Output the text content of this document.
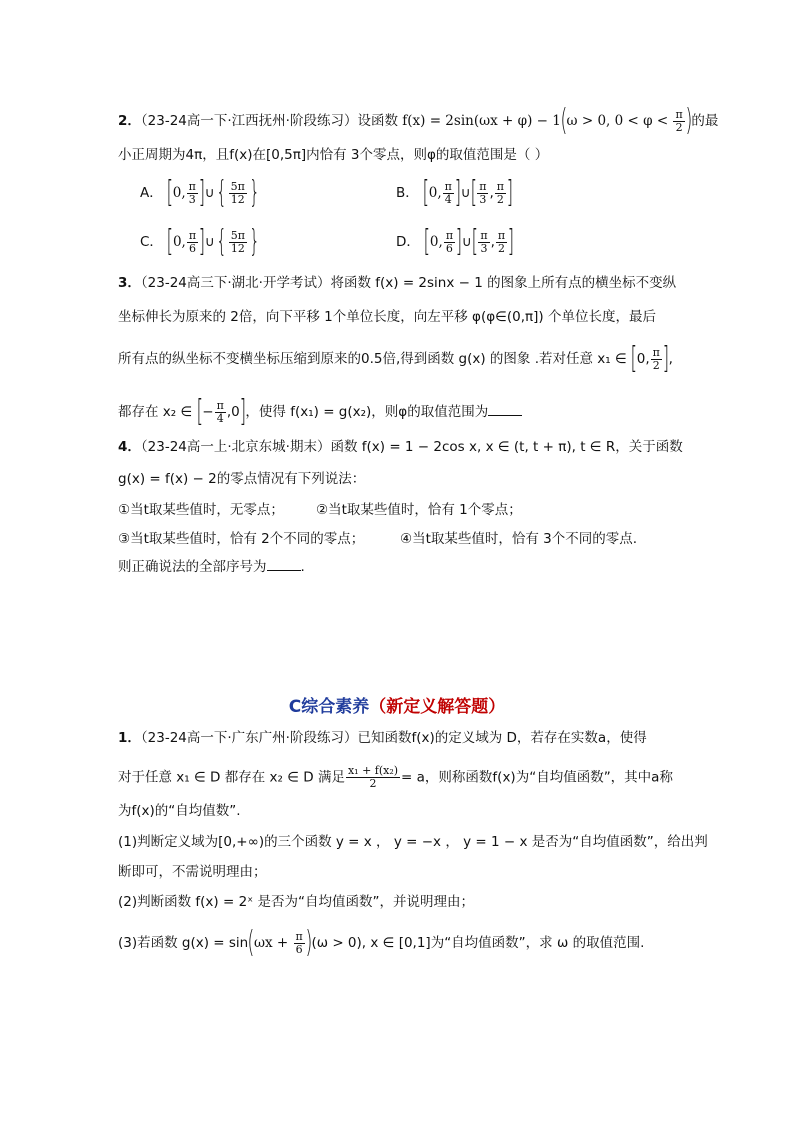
2．（23-24高一下·江西抚州·阶段练习）设函数 f(x) = 2sin(ωx + φ) − 1(ω > 0, $0 < \varphi < \frac{\pi}{2}$ )的最
小正周期为4π，且f(x)在[0,5π]内恰有 3个零点，则φ的取值范围是（ ）
A． [0, $\frac{\pi}{3}$ ]∪{ $\frac{5\pi}{12}$ }	B． [0, $\frac{\pi}{4}$ ]∪[ $\frac{\pi}{3}$ , $\frac{\pi}{2}$ ]
C． [0, $\frac{\pi}{6}$ ]∪{ $\frac{5\pi}{12}$ }	D． [0, $\frac{\pi}{6}$ ]∪[ $\frac{\pi}{3}$ , $\frac{\pi}{2}$ ]
3．（23-24高三下·湖北·开学考试）将函数 f(x) = 2sinx − 1 的图象上所有点的横坐标不变纵
坐标伸长为原来的 2倍，向下平移 1个单位长度，向左平移 φ(φ∈(0,π]) 个单位长度，最后
所有点的纵坐标不变横坐标压缩到原来的0.5倍,得到函数 g(x) 的图象 .若对任意 x₁ ∈ [0, $\frac{\pi}{2}$ ],
都存在 x₂ ∈ [− $\frac{\pi}{4} ,0$]，使得 f(x₁) = g(x₂)，则φ的取值范围为
4．（23-24高一上·北京东城·期末）函数 f(x) = 1 − 2cos x, x ∈ (t, t + π), t ∈ R，关于函数
g(x) = f(x) − 2的零点情况有下列说法：
①当t取某些值时，无零点； ②当t取某些值时，恰有 1个零点；
③当t取某些值时，恰有 2个不同的零点；	④当t取某些值时，恰有 3个不同的零点.
则正确说法的全部序号为	.
C综合素养（新定义解答题）
1．（23-24高一下·广东广州·阶段练习）已知函数f(x)的定义域为 D，若存在实数a，使得
对于任意 x₁ ∈ D 都存在 x₂ ∈ D 满足 $\frac{\text{x₁ + f(x₂)}}{2} = a$，则称函数f(x)为“自均值函数”，其中a称
为f(x)的“自均值数”.
(1)判断定义域为[0,+∞)的三个函数 y = x ， y = −x ， y = 1 − x 是否为“自均值函数”，给出判
断即可，不需说明理由；
(2)判断函数 f(x) = 2ˣ 是否为“自均值函数”，并说明理由；
(3)若函数 $g(x) = \sin(\omega x + \frac{\pi}{6} )(\omega > 0)$, x ∈ [0,1]为“自均值函数”，求 ω 的取值范围.
